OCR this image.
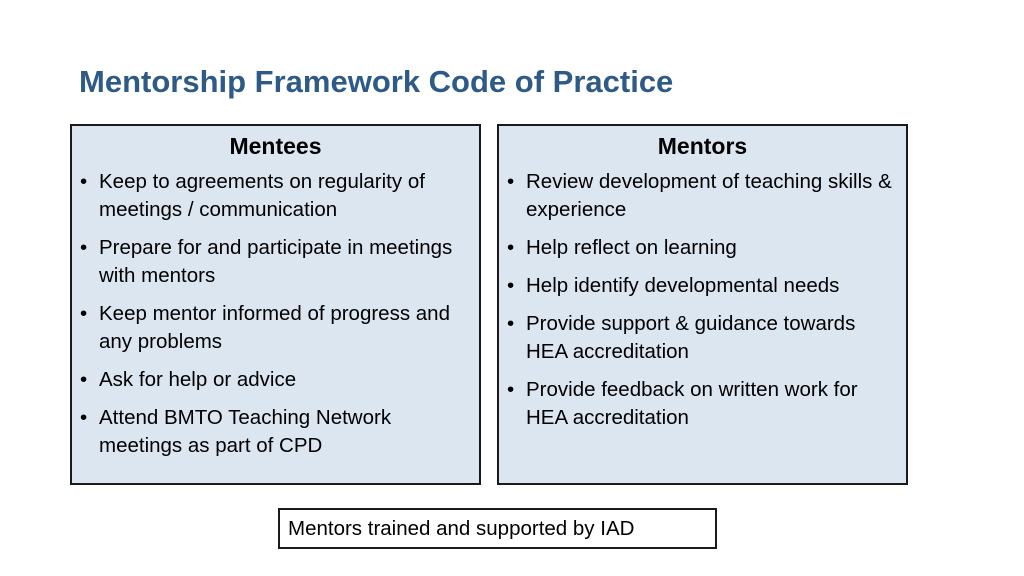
Mentorship Framework Code of Practice
Mentees
• Keep to agreements on regularity of meetings / communication
• Prepare for and participate in meetings with mentors
• Keep mentor informed of progress and any problems
• Ask for help or advice
• Attend BMTO Teaching Network meetings as part of CPD
Mentors
• Review development of teaching skills & experience
• Help reflect on learning
• Help identify developmental needs
• Provide support & guidance towards HEA accreditation
• Provide feedback on written work for HEA accreditation
Mentors trained and supported by IAD
